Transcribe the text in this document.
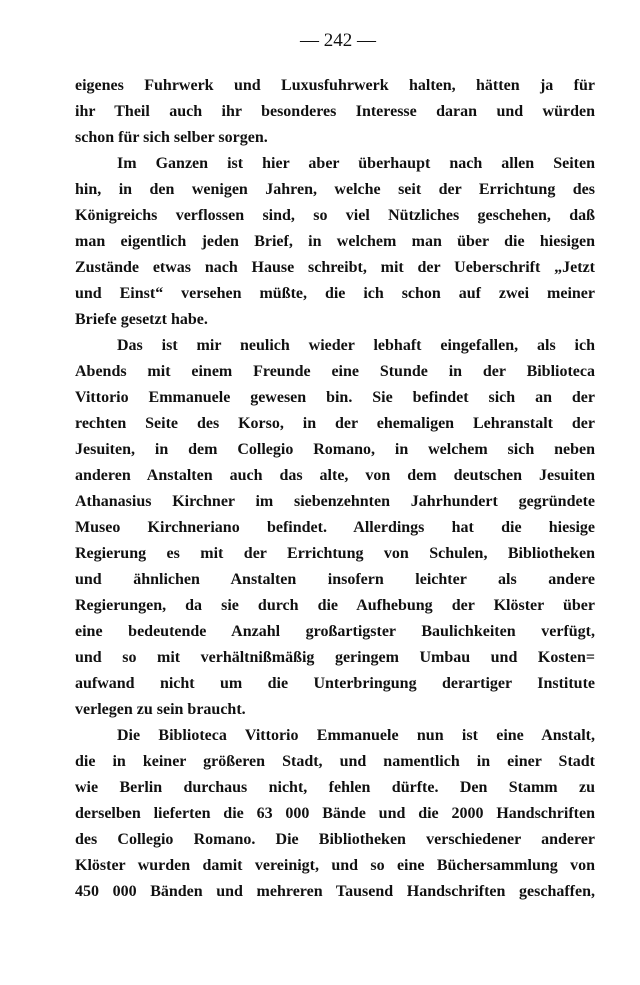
— 242 —
eigenes Fuhrwerk und Luxusfuhrwerk halten, hätten ja für
ihr Theil auch ihr besonderes Interesse daran und würden
schon für sich selber sorgen.
Im Ganzen ist hier aber überhaupt nach allen Seiten
hin, in den wenigen Jahren, welche seit der Errichtung des
Königreichs verflossen sind, so viel Nützliches geschehen, daß
man eigentlich jeden Brief, in welchem man über die hiesigen
Zustände etwas nach Hause schreibt, mit der Ueberschrift „Jetzt
und Einst“ versehen müßte, die ich schon auf zwei meiner
Briefe gesetzt habe.
Das ist mir neulich wieder lebhaft eingefallen, als ich
Abends mit einem Freunde eine Stunde in der Biblioteca
Vittorio Emmanuele gewesen bin. Sie befindet sich an der
rechten Seite des Korso, in der ehemaligen Lehranstalt der
Jesuiten, in dem Collegio Romano, in welchem sich neben
anderen Anstalten auch das alte, von dem deutschen Jesuiten
Athanasius Kirchner im siebenzehnten Jahrhundert gegründete
Museo Kirchneriano befindet. Allerdings hat die hiesige
Regierung es mit der Errichtung von Schulen, Bibliotheken
und ähnlichen Anstalten insofern leichter als andere
Regierungen, da sie durch die Aufhebung der Klöster über
eine bedeutende Anzahl großartigster Baulichkeiten verfügt,
und so mit verhältnißmäßig geringem Umbau und Kosten=
aufwand nicht um die Unterbringung derartiger Institute
verlegen zu sein braucht.
Die Biblioteca Vittorio Emmanuele nun ist eine Anstalt,
die in keiner größeren Stadt, und namentlich in einer Stadt
wie Berlin durchaus nicht, fehlen dürfte. Den Stamm zu
derselben lieferten die 63 000 Bände und die 2000 Handschriften
des Collegio Romano. Die Bibliotheken verschiedener anderer
Klöster wurden damit vereinigt, und so eine Büchersammlung von
450 000 Bänden und mehreren Tausend Handschriften geschaffen,
